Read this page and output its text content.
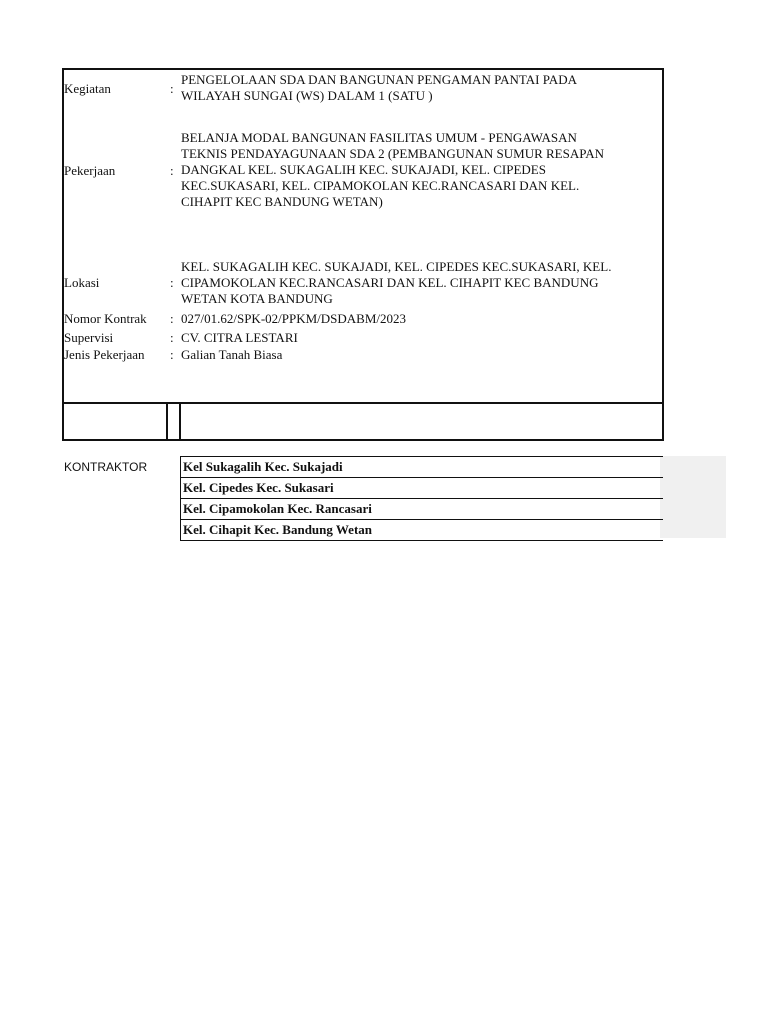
Kegiatan	:
PENGELOLAAN SDA DAN BANGUNAN PENGAMAN PANTAI PADA
WILAYAH SUNGAI (WS) DALAM 1 (SATU )
Pekerjaan	:
BELANJA MODAL BANGUNAN FASILITAS UMUM - PENGAWASAN
TEKNIS PENDAYAGUNAAN SDA 2 (PEMBANGUNAN SUMUR RESAPAN
DANGKAL KEL. SUKAGALIH KEC. SUKAJADI, KEL. CIPEDES
KEC.SUKASARI, KEL. CIPAMOKOLAN KEC.RANCASARI DAN KEL.
CIHAPIT KEC BANDUNG WETAN)
Lokasi	:
KEL. SUKAGALIH KEC. SUKAJADI, KEL. CIPEDES KEC.SUKASARI, KEL.
CIPAMOKOLAN KEC.RANCASARI DAN KEL. CIHAPIT KEC BANDUNG
WETAN KOTA BANDUNG
Nomor Kontrak : 027/01.62/SPK-02/PPKM/DSDABM/2023
Supervisi	: CV. CITRA LESTARI
Jenis Pekerjaan : Galian Tanah Biasa
KONTRAKTOR	Kel Sukagalih Kec. Sukajadi
Kel. Cipedes Kec. Sukasari
Kel. Cipamokolan Kec. Rancasari
Kel. Cihapit Kec. Bandung Wetan
